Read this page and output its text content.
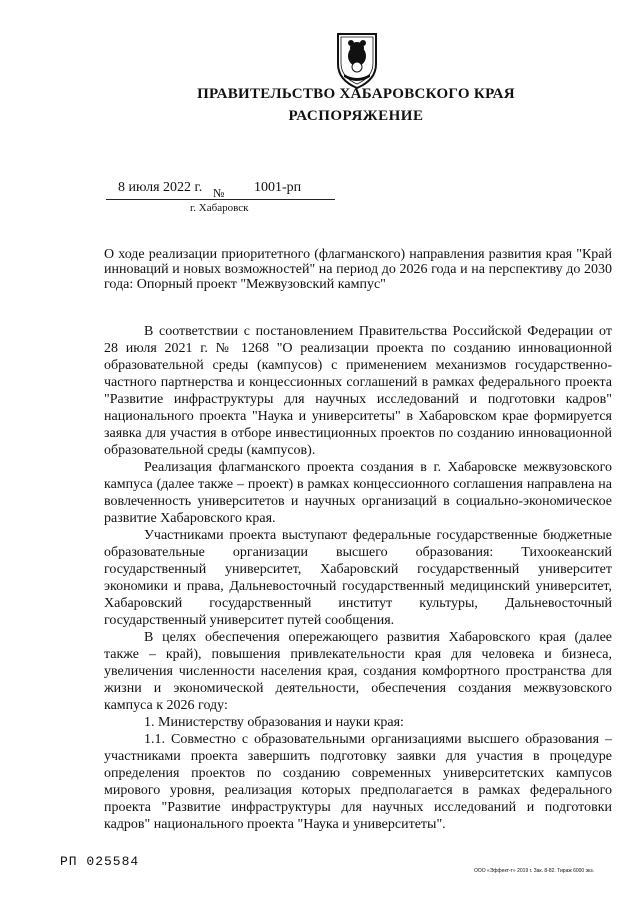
ПРАВИТЕЛЬСТВО ХАБАРОВСКОГО КРАЯ
РАСПОРЯЖЕНИЕ
8 июля 2022 г. № 1001-рп
г. Хабаровск
О ходе реализации приоритетного (флагманского) направления развития края "Край инноваций и новых возможностей" на период до 2026 года и на перспективу до 2030 года: Опорный проект "Межвузовский кампус"

В соответствии с постановлением Правительства Российской Федерации от 28 июля 2021 г. № 1268 "О реализации проекта по созданию инновационной образовательной среды (кампусов) с применением механизмов государственно-частного партнерства и концессионных соглашений в рамках федерального проекта "Развитие инфраструктуры для научных исследований и подготовки кадров" национального проекта "Наука и университеты" в Хабаровском крае формируется заявка для участия в отборе инвестиционных проектов по созданию инновационной образовательной среды (кампусов).

Реализация флагманского проекта создания в г. Хабаровске межвузовского кампуса (далее также – проект) в рамках концессионного соглашения направлена на вовлеченность университетов и научных организаций в социально-экономическое развитие Хабаровского края.

Участниками проекта выступают федеральные государственные бюджетные образовательные организации высшего образования: Тихоокеанский государственный университет, Хабаровский государственный университет экономики и права, Дальневосточный государственный медицинский университет, Хабаровский государственный институт культуры, Дальневосточный государственный университет путей сообщения.

В целях обеспечения опережающего развития Хабаровского края (далее также – край), повышения привлекательности края для человека и бизнеса, увеличения численности населения края, создания комфортного пространства для жизни и экономической деятельности, обеспечения создания межвузовского кампуса к 2026 году:

1. Министерству образования и науки края:

1.1. Совместно с образовательными организациями высшего образования – участниками проекта завершить подготовку заявки для участия в процедуре определения проектов по созданию современных университетских кампусов мирового уровня, реализация которых предполагается в рамках федерального проекта "Развитие инфраструктуры для научных исследований и подготовки кадров" национального проекта "Наука и университеты".

РП 025584
ООО «Эффект-т» 2019 г. Зак. 8-82. Тираж 6000 экз.
